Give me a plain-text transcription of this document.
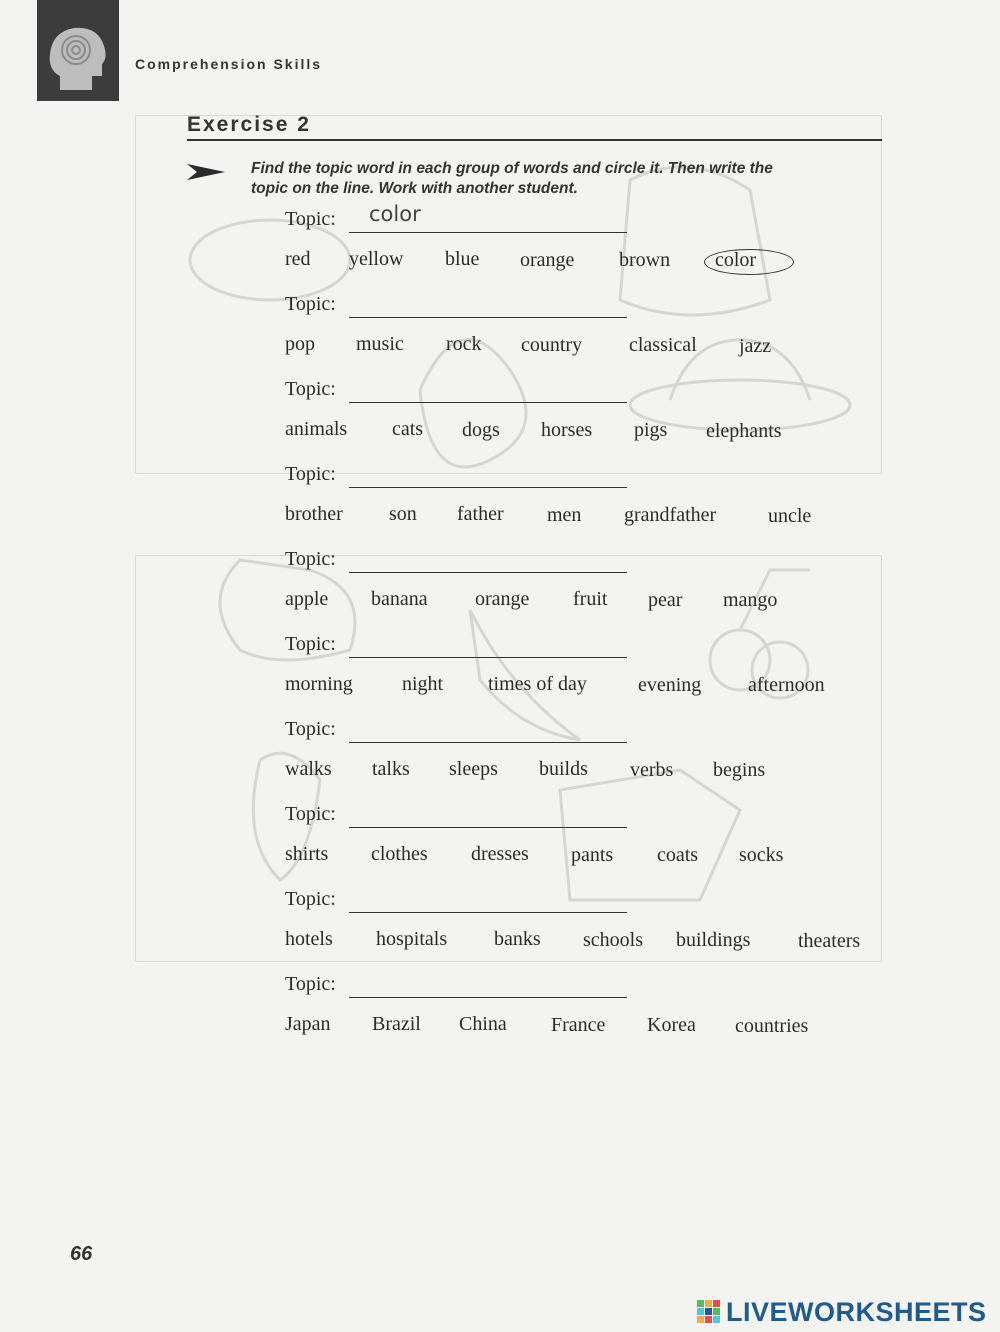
Comprehension Skills
Exercise 2
Find the topic word in each group of words and circle it. Then write the
topic on the line. Work with another student.
Topic: color
red yellow blue orange brown color
Topic:
pop music rock country classical jazz
Topic:
animals cats dogs horses pigs elephants
Topic:
brother son father men grandfather	uncle
Topic:
apple banana orange fruit pear mango
Topic:
morning night times of day	evening afternoon
Topic:
walks talks sleeps builds verbs begins
Topic:
shirts clothes dresses pants coats socks
Topic:
hotels hospitals banks schools buildings theaters
Topic:
Japan Brazil China France Korea countries
66
LIVEWORKSHEETS
